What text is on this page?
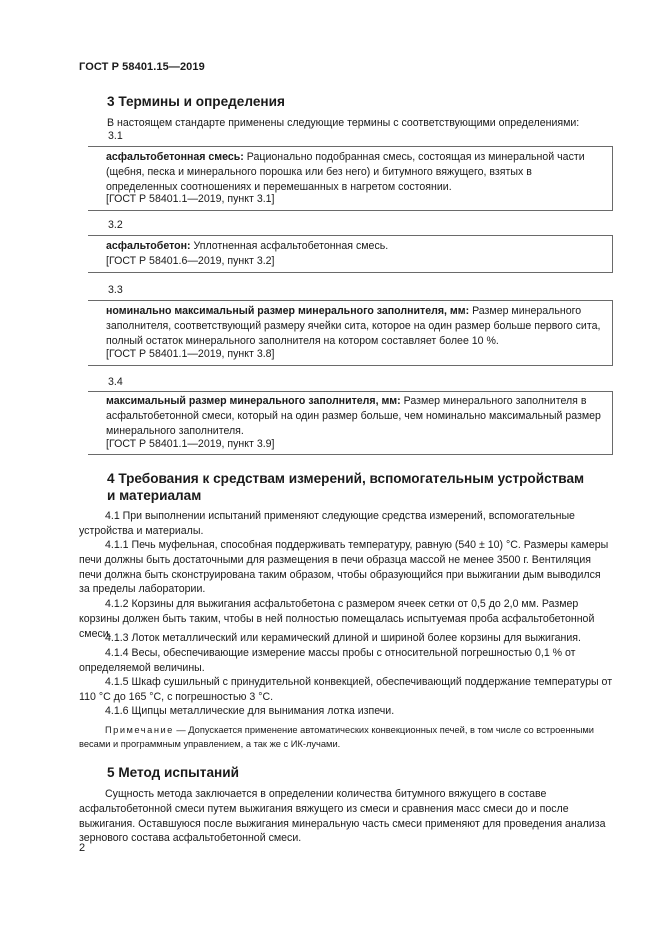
ГОСТ Р 58401.15—2019
3 Термины и определения
В настоящем стандарте применены следующие термины с соответствующими определениями:
3.1
асфальтобетонная смесь: Рационально подобранная смесь, состоящая из минеральной части (щебня, песка и минерального порошка или без него) и битумного вяжущего, взятых в определенных соотношениях и перемешанных в нагретом состоянии.
[ГОСТ Р 58401.1—2019, пункт 3.1]
3.2
асфальтобетон: Уплотненная асфальтобетонная смесь.
[ГОСТ Р 58401.6—2019, пункт 3.2]
3.3
номинально максимальный размер минерального заполнителя, мм: Размер минерального заполнителя, соответствующий размеру ячейки сита, которое на один размер больше первого сита, полный остаток минерального заполнителя на котором составляет более 10 %.
[ГОСТ Р 58401.1—2019, пункт 3.8]
3.4
максимальный размер минерального заполнителя, мм: Размер минерального заполнителя в асфальтобетонной смеси, который на один размер больше, чем номинально максимальный размер минерального заполнителя.
[ГОСТ Р 58401.1—2019, пункт 3.9]
4 Требования к средствам измерений, вспомогательным устройствам
и материалам
4.1 При выполнении испытаний применяют следующие средства измерений, вспомогательные устройства и материалы.
4.1.1 Печь муфельная, способная поддерживать температуру, равную (540 ± 10) °С. Размеры камеры печи должны быть достаточными для размещения в печи образца массой не менее 3500 г. Вентиляция печи должна быть сконструирована таким образом, чтобы образующийся при выжигании дым выводился за пределы лаборатории.
4.1.2 Корзины для выжигания асфальтобетона с размером ячеек сетки от 0,5 до 2,0 мм. Размер корзины должен быть таким, чтобы в ней полностью помещалась испытуемая проба асфальтобетонной смеси.
4.1.3 Лоток металлический или керамический длиной и шириной более корзины для выжигания.
4.1.4 Весы, обеспечивающие измерение массы пробы с относительной погрешностью 0,1 % от определяемой величины.
4.1.5 Шкаф сушильный с принудительной конвекцией, обеспечивающий поддержание температуры от 110 °С до 165 °С, с погрешностью 3 °С.
4.1.6 Щипцы металлические для вынимания лотка изпечи.
Примечание — Допускается применение автоматических конвекционных печей, в том числе со встроенными весами и программным управлением, а так же с ИК-лучами.
5 Метод испытаний
Сущность метода заключается в определении количества битумного вяжущего в составе асфальтобетонной смеси путем выжигания вяжущего из смеси и сравнения масс смеси до и после выжигания. Оставшуюся после выжигания минеральную часть смеси применяют для проведения анализа зернового состава асфальтобетонной смеси.
2
